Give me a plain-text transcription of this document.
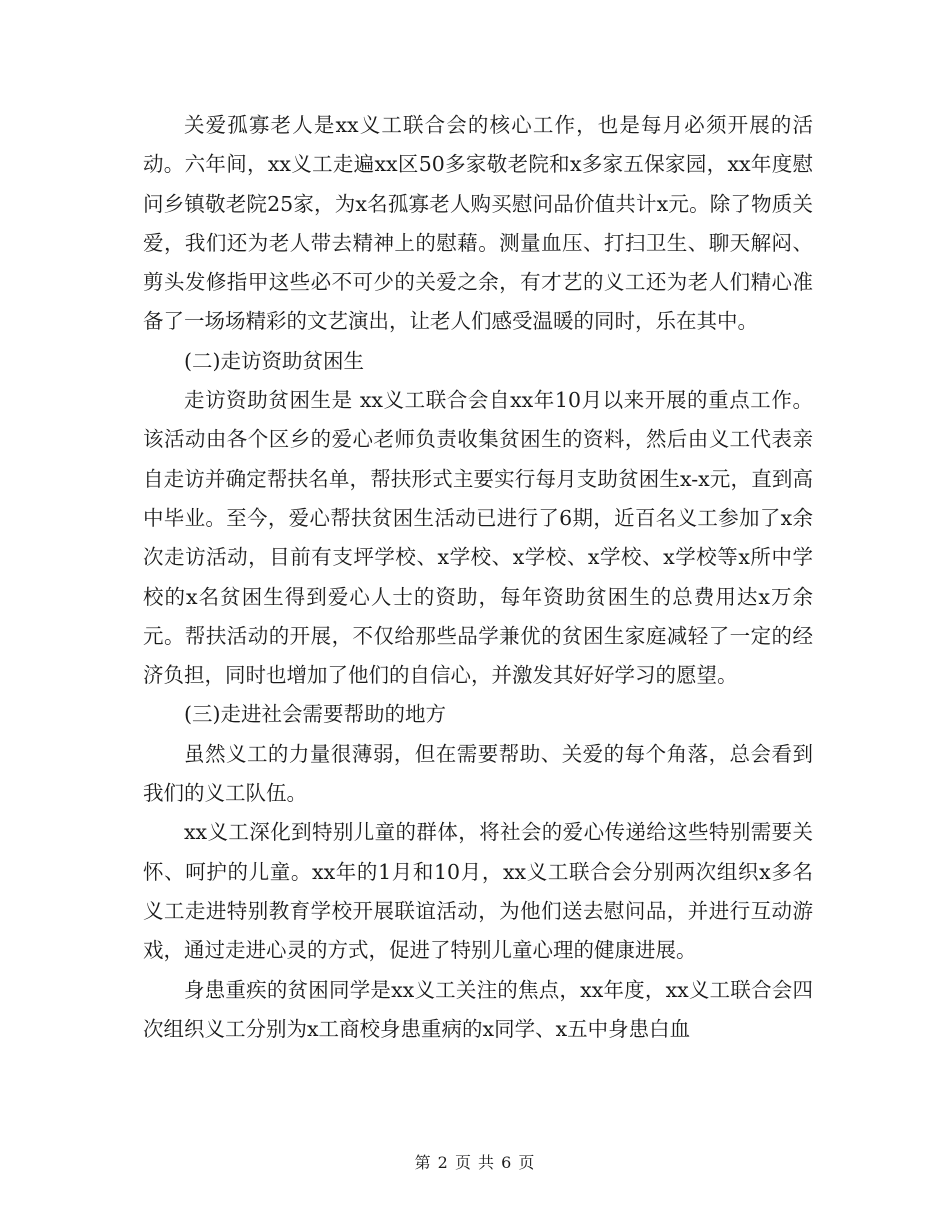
关爱孤寡老人是xx义工联合会的核心工作，也是每月必须开展的活动。六年间，xx义工走遍xx区50多家敬老院和x多家五保家园，xx年度慰问乡镇敬老院25家，为x名孤寡老人购买慰问品价值共计x元。除了物质关爱，我们还为老人带去精神上的慰藉。测量血压、打扫卫生、聊天解闷、剪头发修指甲这些必不可少的关爱之余，有才艺的义工还为老人们精心准备了一场场精彩的文艺演出，让老人们感受温暖的同时，乐在其中。

(二)走访资助贫困生

走访资助贫困生是 xx义工联合会自xx年10月以来开展的重点工作。该活动由各个区乡的爱心老师负责收集贫困生的资料，然后由义工代表亲自走访并确定帮扶名单，帮扶形式主要实行每月支助贫困生x-x元，直到高中毕业。至今，爱心帮扶贫困生活动已进行了6期，近百名义工参加了x余次走访活动，目前有支坪学校、x学校、x学校、x学校、x学校等x所中学校的x名贫困生得到爱心人士的资助，每年资助贫困生的总费用达x万余元。帮扶活动的开展，不仅给那些品学兼优的贫困生家庭减轻了一定的经济负担，同时也增加了他们的自信心，并激发其好好学习的愿望。

(三)走进社会需要帮助的地方

虽然义工的力量很薄弱，但在需要帮助、关爱的每个角落，总会看到我们的义工队伍。

xx义工深化到特别儿童的群体，将社会的爱心传递给这些特别需要关怀、呵护的儿童。xx年的1月和10月，xx义工联合会分别两次组织x多名义工走进特别教育学校开展联谊活动，为他们送去慰问品，并进行互动游戏，通过走进心灵的方式，促进了特别儿童心理的健康进展。

身患重疾的贫困同学是xx义工关注的焦点，xx年度，xx义工联合会四次组织义工分别为x工商校身患重病的x同学、x五中身患白血

第 2 页 共 6 页
